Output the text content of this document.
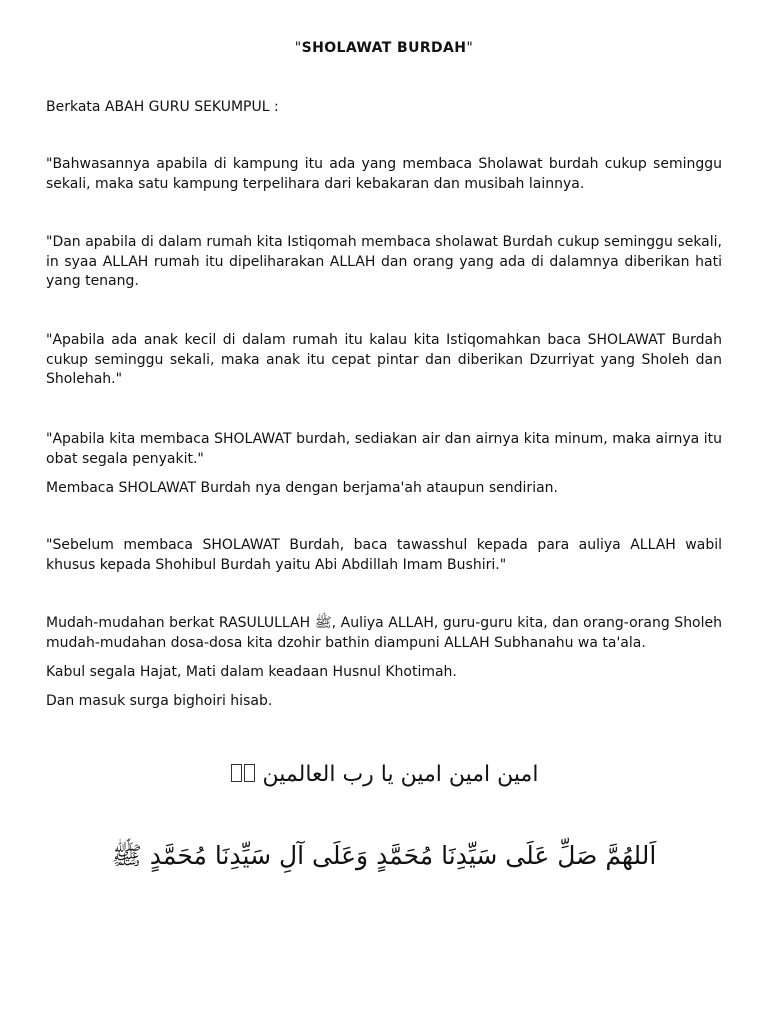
"SHOLAWAT BURDAH"

Berkata ABAH GURU SEKUMPUL :

"Bahwasannya apabila di kampung itu ada yang membaca Sholawat burdah cukup seminggu sekali, maka satu kampung terpelihara dari kebakaran dan musibah lainnya.

"Dan apabila di dalam rumah kita Istiqomah membaca sholawat Burdah cukup seminggu sekali, in syaa ALLAH rumah itu dipeliharakan ALLAH dan orang yang ada di dalamnya diberikan hati yang tenang.

"Apabila ada anak kecil di dalam rumah itu kalau kita Istiqomahkan baca SHOLAWAT Burdah cukup seminggu sekali, maka anak itu cepat pintar dan diberikan Dzurriyat yang Sholeh dan Sholehah."

"Apabila kita membaca SHOLAWAT burdah, sediakan air dan airnya kita minum, maka airnya itu obat segala penyakit."

Membaca SHOLAWAT Burdah nya dengan berjama'ah ataupun sendirian.

"Sebelum membaca SHOLAWAT Burdah, baca tawasshul kepada para auliya ALLAH wabil khusus kepada Shohibul Burdah yaitu Abi Abdillah Imam Bushiri."

Mudah-mudahan berkat RASULULLAH ﷺ, Auliya ALLAH, guru-guru kita, dan orang-orang Sholeh mudah-mudahan dosa-dosa kita dzohir bathin diampuni ALLAH Subhanahu wa ta'ala.

Kabul segala Hajat, Mati dalam keadaan Husnul Khotimah.

Dan masuk surga bighoiri hisab.

امين امين امين يا رب العالمين
اَللهُمَّ صَلِّ عَلَى سَيِّدِنَا مُحَمَّدٍ وَعَلَى آلِ سَيِّدِنَا مُحَمَّدٍ ﷺ
